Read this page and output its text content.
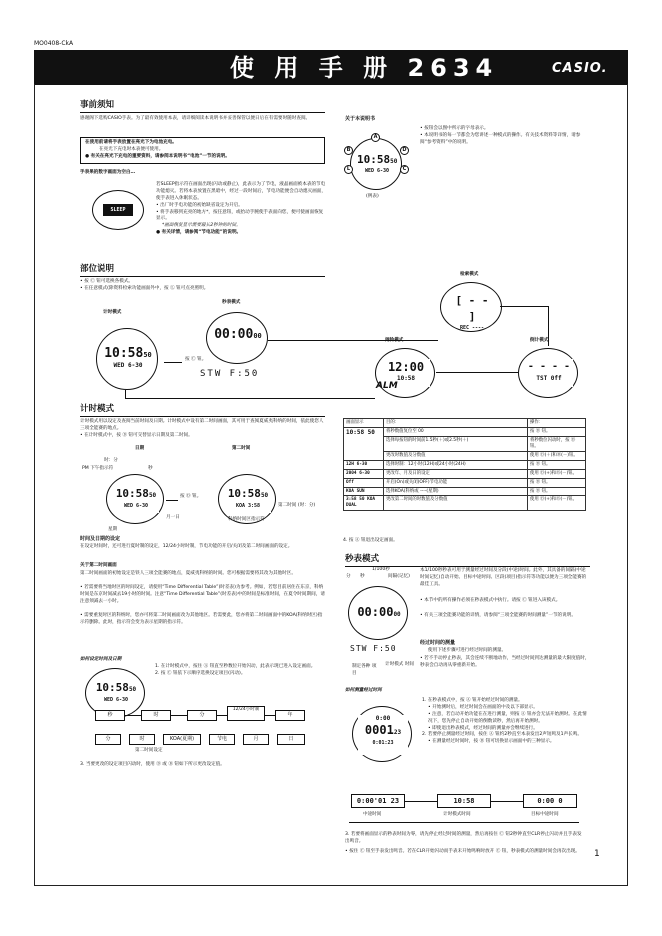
MO0408-CkA
使 用 手 册 2634	CASIO.
事前须知
感谢阁下选购CASIO手表。为了最有效使用本表，请详细阅读本说明书并妥善保管以便日后在有需要时随时查阅。
在使用前请将手表放置在亮光下为电池充电。
在亮光下充电时本表便可使用。
● 有关在亮光下充电的重要资料，请参阅本说明书“电池”一节的说明。
手表果的数字画面为空白…
SLEEP
若SLEEP指示符在画面出现(闪动或静止)，此表示为了节电，液晶画面被本表的节电功能熄灭。若将本表放置在黑暗中，经过一段时间后，节电功能便会自动熄灭画面，使手表进入休眠状态。
• 出厂时手电功能的初始缺省设定为开启。
• 将手表移到充亮的地方*，按任意钮，或抬动手腕使手表面向您，便可使画面恢复显示。
*画面恢复显示需要最长2秒钟的时间。
● 有关详情，请参阅“节电功能”的说明。
关于本说明书
10:5850
WED 6-30
A
B
C
D
L
(例表)
• 按钮会以图中所示的字母表示。
• 本说明书的每一节都会为您讲述一种模式的操作。有关技术资料等详情，请参阅“参考资料”中的说明。
部位说明
• 按 Ⓒ 钮可选换各模式。
• 在任意模式(除资料检索功能画面外中，按 Ⓛ 钮可点亮照明。
计时模式
10:5850
WED 6-30
按 Ⓒ 钮。
秒表模式
00:0000
STW F:50
检索模式
[ - - ]
REC ----
闹铃模式
12:00
10:58
ALM
倒计模式
- - - -
TST 0ff
计时模式
计时模式用以设定及查阅当前时间及日期。计时模式中设有第二时间画面，其可用于查阅夏威夷科纳的时间，依此使您人三项全能赛的地点。
• 在计时模式中，按 Ⓓ 钮可交替显示日期及第二时间。
日期	第二时间
PM 下午指示符
时：分
秒
10:5850
WED 6-30
星期
月一日
按 Ⓓ 钮。 10:5850
KOA 3:58	第二时间 (时：分)
科纳时间区指示符
时间及日期的设定
在设定时间时，还可进行夏时制的设定，12/24小时时制，节电功能的开启/关闭及第二时间画面的设定。
关于第二时间画面
第二时间画面的初始设定是铁人三项全能赛的地点，夏威夷科纳的时间。您可根据需要将其改为其他时区。
• 若需要将当地时区的时间设定，请使用“Time Differential Table”(时差表)为参考。例如，若您目前居住在东京，科纳时间是东京时间减去19小时的时间。注意“Time Differential Table”(时差表)中的时间是标准时间，在夏令时间期间，请注意须减去一小时。
• 需要重复时区的科纳时，您亦可将第二时间画面改为其他地区。若需要此，您亦将第二时间画面中的KOA(科纳时区)指示符删除。此时，指示符会变为表示星期的指示符。
如何设定时间及日期
10:5850
WED 6-30
1. 在计时模式中，按住 Ⓐ 钮直至秒数位开始闪动，此表示现已进入设定画面。
2. 按 Ⓒ 钮依下示顺序选换设定项目(闪动)。
秒	时	分
12/24小时制
年
分	时	KOA(夏期)	节电	月	日
第二时间设定
3. 当要更改的设定项目闪动时，使用 Ⓓ 或 Ⓑ 钮如下所示更改设定值。
画面显示	目的：	操作：
10:58 50	将秒数值复位至 00	按 Ⓓ 钮。
	选择每按钮的时间前1.5秒(＋)或2.5秒(＋)	将秒数位闪动时，按 Ⓓ 钮。
	更改时数值及分数值	使用 Ⓓ(＋)和Ⓑ(－)钮。
12H 6-30	选择时制：12小时(12H)或24小时(24H)	按 Ⓓ 钮。
2004 6-30	更改年、月及日的设定	使用 Ⓓ(+)和Ⓑ(－)钮。
Off	开启(On)或关闭(OFF)节电功能	按 Ⓓ 钮。
KOA SUN	选择KOA(科纳或 ----(星期)	按 Ⓓ 钮。
3:58 50 KOA DUAL	更改第二时间的时数值及分数值	使用 Ⓓ(+)和Ⓑ(－)钮。
4. 按 Ⓐ 钮退出设定画面。
秒表模式
1/100秒
分 秒	间隔(记忆)
00:0000
STW F:50
制定各种 项目
计时模式 时间
本1/100秒秒表可用于测量经过时间及分段(中途)时间。此外，其具备的间隔(中途时间记忆)自动开始、目标中途时间、区段(项目)指示符等功能以便为三项全能赛的最佳工具。
• 本节中的所有操作必须在秒表模式中执行。请按 Ⓒ 钮进入该模式。
• 有关三项全能赛功能的详情，请参阅“三项全能赛的时间测量”一节的说明。
经过时间的测量
使用下述步骤可进行经过时间的测量。
• 若不手动停止秒表，其会连续不断地动作，当经过时间到达测量的最大限度值时，秒表会自动再从零重新开始。
如何测量经过时间
0:00
000123
0:01:23
1. 在秒表模式中，按 Ⓐ 钮开始经过时间的测量。
• 开始测时后，经过时间会在画面的中及以下部显示。
• 注意，若自动开始功能在在进行测量，则按 Ⓐ 钮亦会无法开始测时。在此情况下，您先停止自动开始的倒数读秒，然后再开始测时。
• 即使退出秒表模式，经过时间的测量亦会继续进行。
2. 若要停止测量经过时间，按住 Ⓐ 钮约2秒直至本表发出2声短鸣及1声长鸣。
• 在测量经过时间时，按 Ⓑ 钮可切换显示画面中的三种显示。
0:00'01 23	10:58	0:00 0
中途时间	计时模式时间	目标中途时间
3. 若要将画面显示的秒表时间为零，请先停止经过时间的测量，然后再按住 Ⓒ 钮2秒钟直至CLR停止闪动并且手表发出鸣音。
• 按住 Ⓒ 钮至手表发出鸣音。若在CLR开始闪动而手表未开始鸣响时放开 Ⓒ 钮，秒表模式的测量时间会再次出现。	1
